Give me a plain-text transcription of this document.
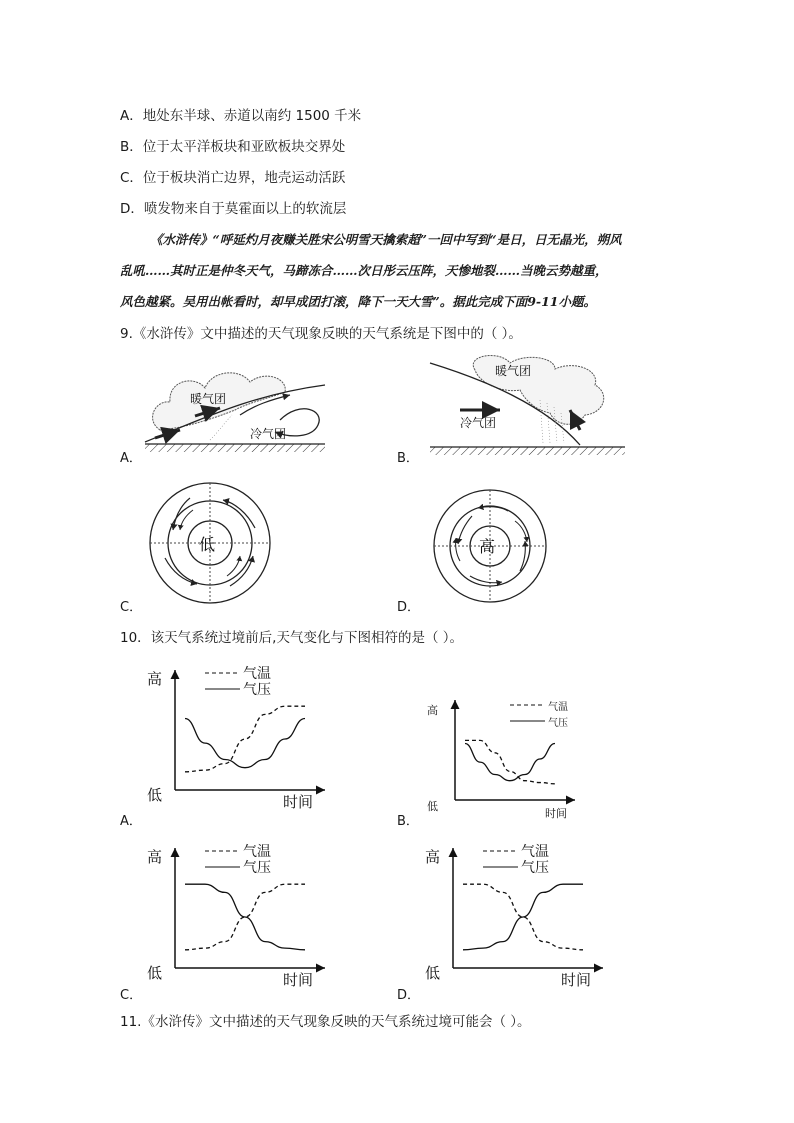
A．地处东半球、赤道以南约 1500 千米
B．位于太平洋板块和亚欧板块交界处
C．位于板块消亡边界，地壳运动活跃
D．喷发物来自于莫霍面以上的软流层
《水浒传》“呼延灼月夜赚关胜宋公明雪天擒索超”一回中写到“是日，日无晶光，朔风
乱吼……其时正是仲冬天气，马蹄冻合……次日彤云压阵，天惨地裂……当晚云势越重，
风色越紧。吴用出帐看时，却早成团打滚，降下一天大雪”。据此完成下面9-11小题。
9.《水浒传》文中描述的天气现象反映的天气系统是下图中的（ ）。
暖气团
冷气团
A．
暖气团
冷气团
B．
低
C．
高
D．
10．该天气系统过境前后,天气变化与下图相符的是（ ）。
高
低	时间
气温
气压
A．
高
低
时间
气温
气压
B．
高
低	时间
气温
气压
C．
高
低	时间
气温
气压
D．
11.《水浒传》文中描述的天气现象反映的天气系统过境可能会（ ）。
